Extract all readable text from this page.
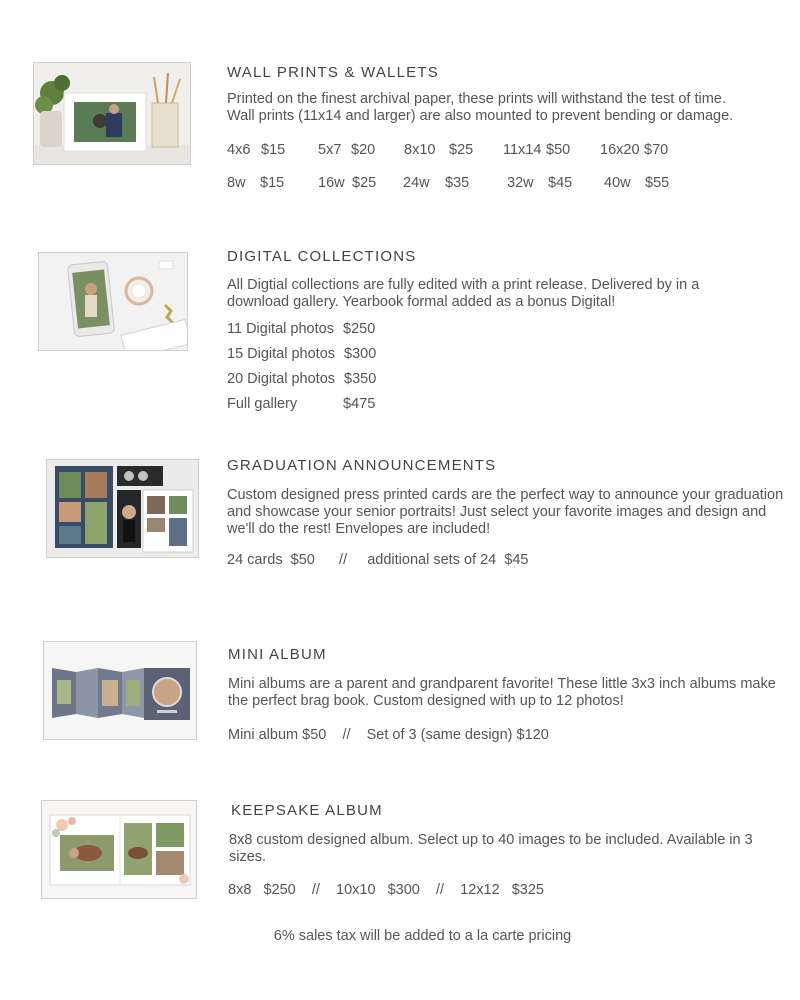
WALL PRINTS & WALLETS
Printed on the finest archival paper, these prints will withstand the test of time.
Wall prints (11x14 and larger) are also mounted to prevent bending or damage.
4x6 $15 5x7 $20 8x10 $25 11x14 $50 16x20 $70
8w $15 16w $25 24w $35	32w $45 40w $55
DIGITAL COLLECTIONS
All Digtial collections are fully edited with a print release. Delivered by in a
download gallery. Yearbook formal added as a bonus Digital!
11 Digital photos $250
15 Digital photos $300
20 Digital photos $350
Full gallery	$475
GRADUATION ANNOUNCEMENTS
Custom designed press printed cards are the perfect way to announce your graduation
and showcase your senior portraits! Just select your favorite images and design and
we'll do the rest! Envelopes are included!
24 cards  $50      //     additional sets of 24  $45
MINI ALBUM
Mini albums are a parent and grandparent favorite! These little 3x3 inch albums make
the perfect brag book. Custom designed with up to 12 photos!
Mini album $50    //    Set of 3 (same design) $120
KEEPSAKE ALBUM
8x8 custom designed album. Select up to 40 images to be included. Available in 3 sizes.
8x8   $250    //    10x10   $300    //    12x12   $325
6% sales tax will be added to a la carte pricing
